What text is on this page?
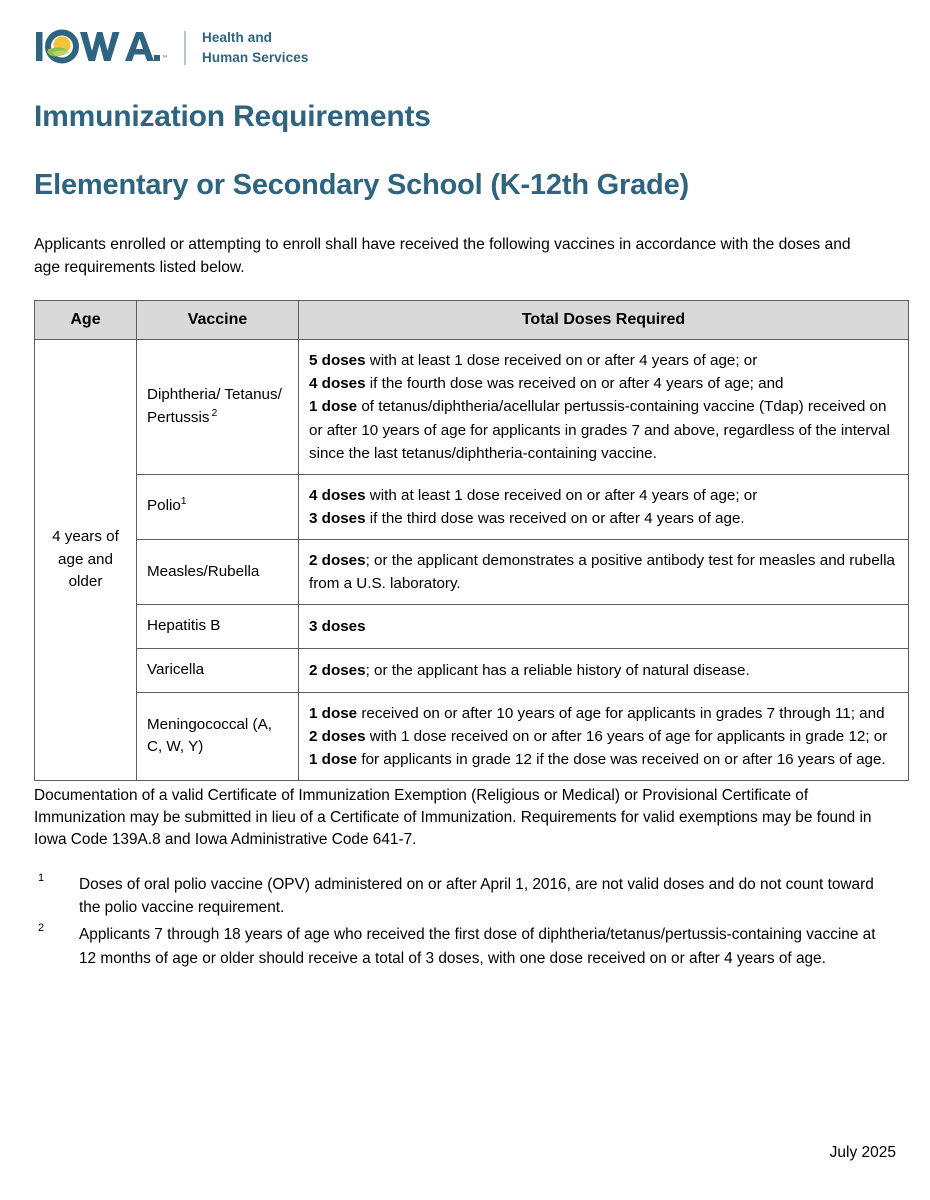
™
Health and
Human Services
Immunization Requirements
Elementary or Secondary School (K-12th Grade)

Applicants enrolled or attempting to enroll shall have received the following vaccines in accordance with the doses and age requirements listed below.

Age	Vaccine	Total Doses Required
4 years of age and older	Diphtheria/ Tetanus/ Pertussis $^2$	5 doses with at least 1 dose received on or after 4 years of age; or
4 doses if the fourth dose was received on or after 4 years of age; and
1 dose of tetanus/diphtheria/acellular pertussis-containing vaccine (Tdap) received on or after 10 years of age for applicants in grades 7 and above, regardless of the interval since the last tetanus/diphtheria-containing vaccine.

	Polio$^1$	4 doses with at least 1 dose received on or after 4 years of age; or
3 doses if the third dose was received on or after 4 years of age.

	Measles/Rubella	2 doses; or the applicant demonstrates a positive antibody test for measles and rubella from a U.S. laboratory.

	Hepatitis B	3 doses

	Varicella	2 doses; or the applicant has a reliable history of natural disease.

	Meningococcal (A, C, W, Y)	1 dose received on or after 10 years of age for applicants in grades 7 through 11; and
2 doses with 1 dose received on or after 16 years of age for applicants in grade 12; or
1 dose for applicants in grade 12 if the dose was received on or after 16 years of age.

Documentation of a valid Certificate of Immunization Exemption (Religious or Medical) or Provisional Certificate of Immunization may be submitted in lieu of a Certificate of Immunization. Requirements for valid exemptions may be found in Iowa Code 139A.8 and Iowa Administrative Code 641-7.

1 Doses of oral polio vaccine (OPV) administered on or after April 1, 2016, are not valid doses and do not count toward the polio vaccine requirement.
2 Applicants 7 through 18 years of age who received the first dose of diphtheria/tetanus/pertussis-containing vaccine at 12 months of age or older should receive a total of 3 doses, with one dose received on or after 4 years of age.
July 2025
